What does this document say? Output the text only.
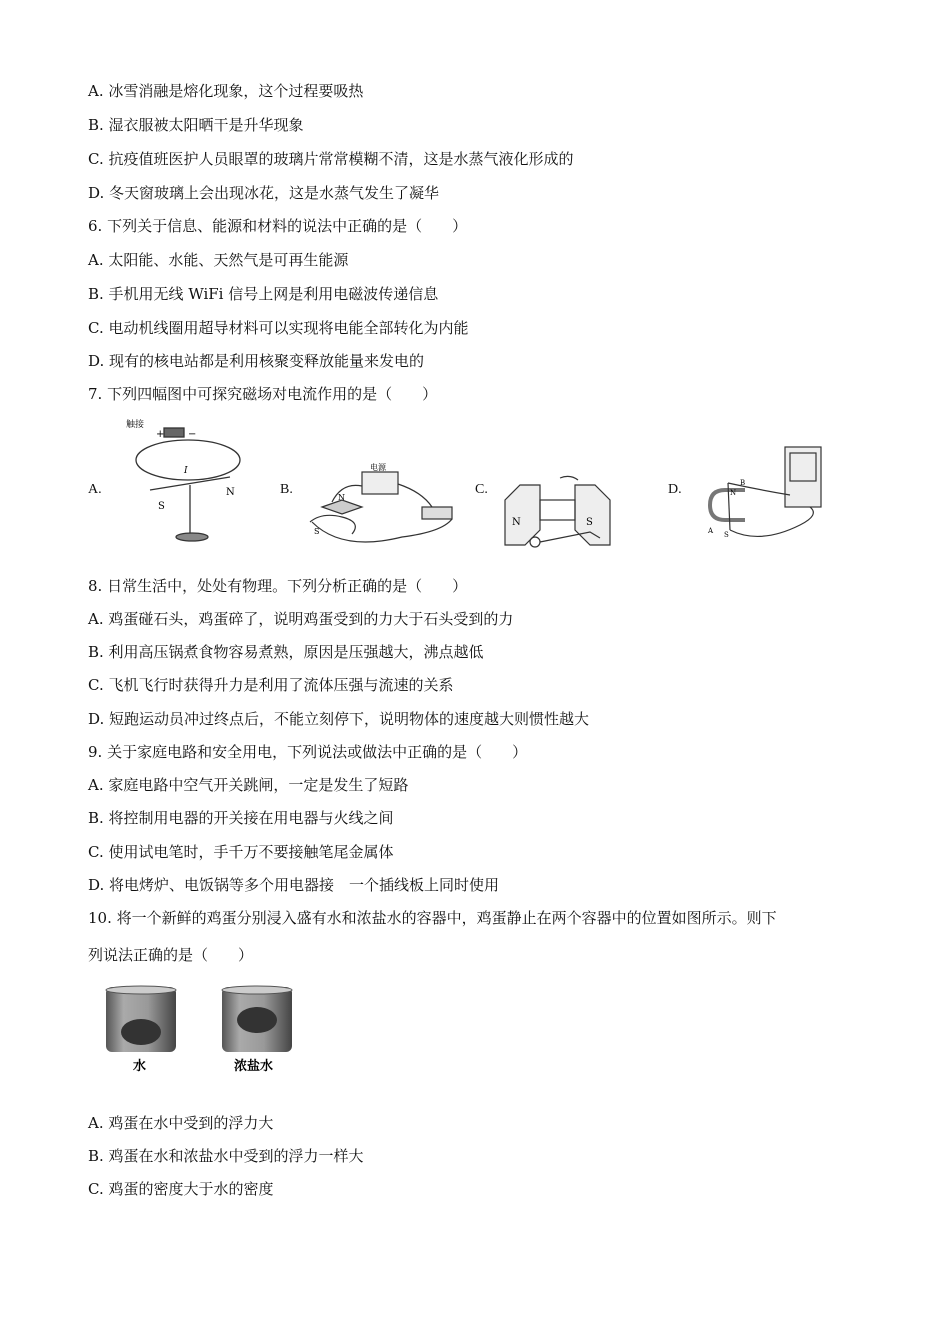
A. 冰雪消融是熔化现象，这个过程要吸热
B. 湿衣服被太阳晒干是升华现象
C. 抗疫值班医护人员眼罩的玻璃片常常模糊不清，这是水蒸气液化形成的
D. 冬天窗玻璃上会出现冰花，这是水蒸气发生了凝华
6. 下列关于信息、能源和材料的说法中正确的是（　　）
A. 太阳能、水能、天然气是可再生能源
B. 手机用无线 WiFi 信号上网是利用电磁波传递信息
C. 电动机线圈用超导材料可以实现将电能全部转化为内能
D. 现有的核电站都是利用核聚变释放能量来发电的
7. 下列四幅图中可探究磁场对电流作用的是（　　）
A.	B.	C.	D.
触接
+ −
I
S
N
电源
N
S
N	S
N
S
A
B
8. 日常生活中，处处有物理。下列分析正确的是（　　）
A. 鸡蛋碰石头，鸡蛋碎了，说明鸡蛋受到的力大于石头受到的力
B. 利用高压锅煮食物容易煮熟，原因是压强越大，沸点越低
C. 飞机飞行时获得升力是利用了流体压强与流速的关系
D. 短跑运动员冲过终点后，不能立刻停下，说明物体的速度越大则惯性越大
9. 关于家庭电路和安全用电，下列说法或做法中正确的是（　　）
A. 家庭电路中空气开关跳闸，一定是发生了短路
B. 将控制用电器的开关接在用电器与火线之间
C. 使用试电笔时，手千万不要接触笔尾金属体
D. 将电烤炉、电饭锅等多个用电器接　一个插线板上同时使用
10. 将一个新鲜的鸡蛋分别浸入盛有水和浓盐水的容器中，鸡蛋静止在两个容器中的位置如图所示。则下
列说法正确的是（　　）
水	浓盐水
A. 鸡蛋在水中受到的浮力大
B. 鸡蛋在水和浓盐水中受到的浮力一样大
C. 鸡蛋的密度大于水的密度
